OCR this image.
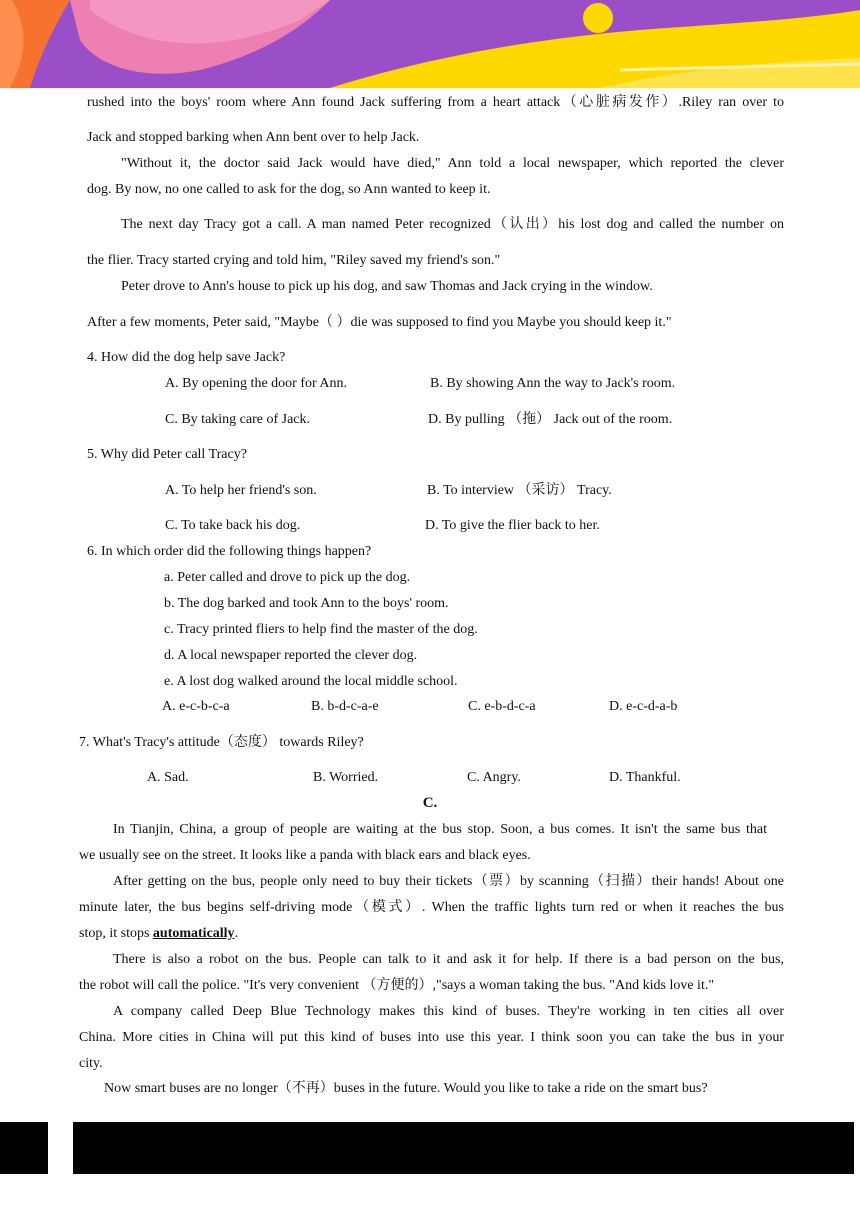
rushed into the boys' room where Ann found Jack suffering from a heart attack（心脏病发作）.Riley ran over to
Jack and stopped barking when Ann bent over to help Jack.
"Without it, the doctor said Jack would have died," Ann told a local newspaper, which reported the clever
dog. By now, no one called to ask for the dog, so Ann wanted to keep it.
The next day Tracy got a call. A man named Peter recognized（认出）his lost dog and called the number on
the flier. Tracy started crying and told him, "Riley saved my friend's son."
Peter drove to Ann's house to pick up his dog, and saw Thomas and Jack crying in the window.
After a few moments, Peter said, "Maybe（ ）die was supposed to find you Maybe you should keep it."
4. How did the dog help save Jack?
A. By opening the door for Ann.	B. By showing Ann the way to Jack's room.
C. By taking care of Jack.	D. By pulling （拖） Jack out of the room.
5. Why did Peter call Tracy?
A. To help her friend's son.	B. To interview （采访） Tracy.
C. To take back his dog.	D. To give the flier back to her.
6. In which order did the following things happen?
a. Peter called and drove to pick up the dog.
b. The dog barked and took Ann to the boys' room.
c. Tracy printed fliers to help find the master of the dog.
d. A local newspaper reported the clever dog.
e. A lost dog walked around the local middle school.
A. e-c-b-c-a	B. b-d-c-a-e	C. e-b-d-c-a	D. e-c-d-a-b
7. What's Tracy's attitude（态度） towards Riley?
A. Sad.	B. Worried.	C. Angry.	D. Thankful.
C.
In Tianjin, China, a group of people are waiting at the bus stop. Soon, a bus comes. It isn't the same bus that
we usually see on the street. It looks like a panda with black ears and black eyes.
After getting on the bus, people only need to buy their tickets（票）by scanning（扫描）their hands! About one
minute later, the bus begins self-driving mode（模式）. When the traffic lights turn red or when it reaches the bus
stop, it stops automatically.
There is also a robot on the bus. People can talk to it and ask it for help. If there is a bad person on the bus,
the robot will call the police. "It's very convenient （方便的）,"says a woman taking the bus. "And kids love it."
A company called Deep Blue Technology makes this kind of buses. They're working in ten cities all over
China. More cities in China will put this kind of buses into use this year. I think soon you can take the bus in your
city.
Now smart buses are no longer（不再）buses in the future. Would you like to take a ride on the smart bus?
